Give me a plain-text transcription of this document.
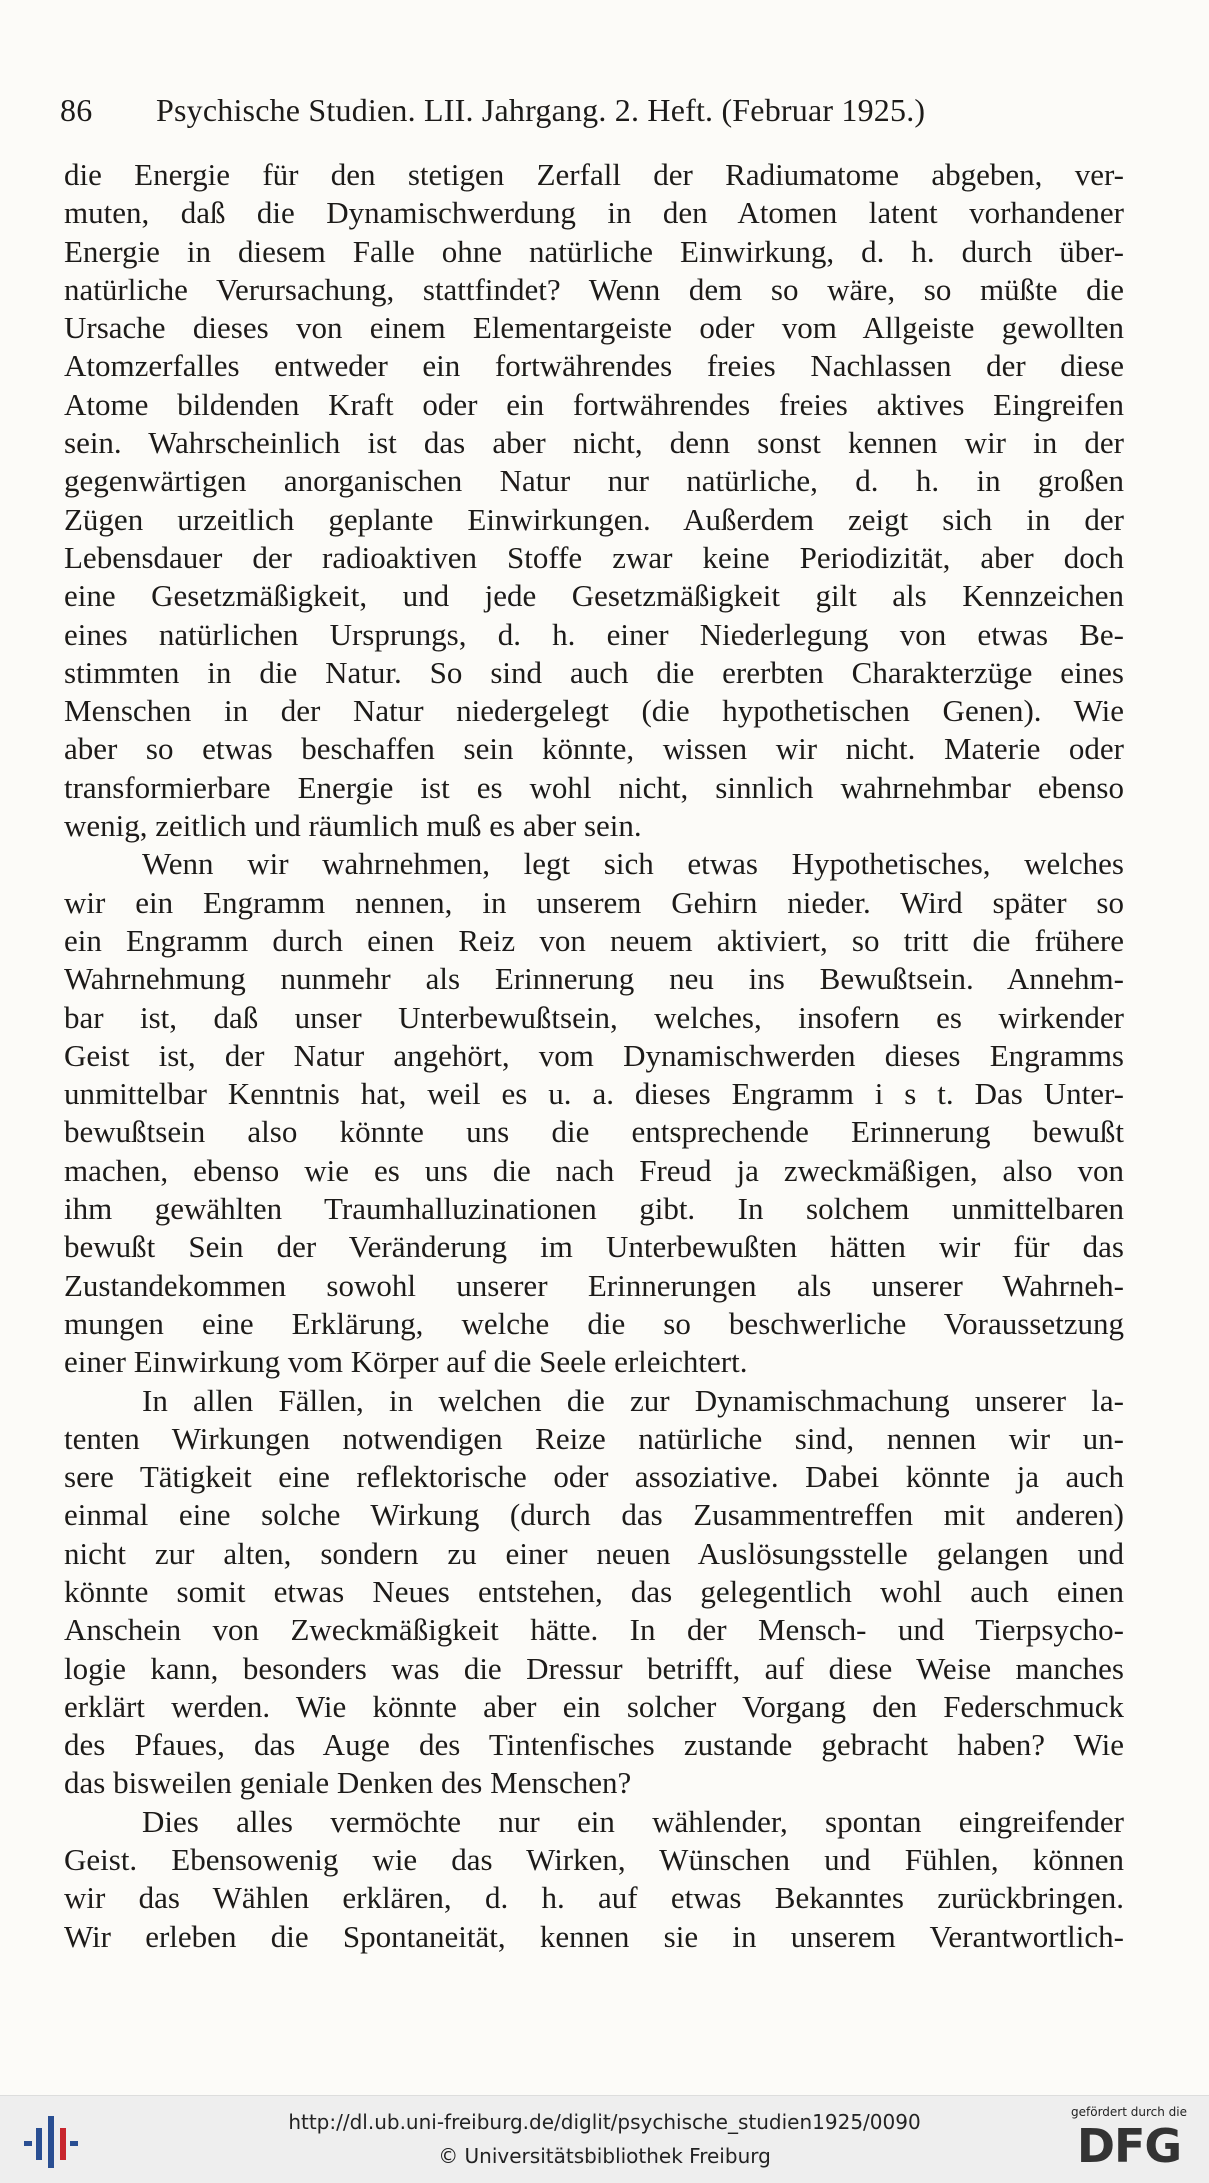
86 Psychische Studien. LII. Jahrgang. 2. Heft. (Februar 1925.)
die Energie für den stetigen Zerfall der Radiumatome abgeben, ver-
muten, daß die Dynamischwerdung in den Atomen latent vorhandener
Energie in diesem Falle ohne natürliche Einwirkung, d. h. durch über-
natürliche Verursachung, stattfindet? Wenn dem so wäre, so müßte die
Ursache dieses von einem Elementargeiste oder vom Allgeiste gewollten
Atomzerfalles entweder ein fortwährendes freies Nachlassen der diese
Atome bildenden Kraft oder ein fortwährendes freies aktives Eingreifen
sein. Wahrscheinlich ist das aber nicht, denn sonst kennen wir in der
gegenwärtigen anorganischen Natur nur natürliche, d. h. in großen
Zügen urzeitlich geplante Einwirkungen. Außerdem zeigt sich in der
Lebensdauer der radioaktiven Stoffe zwar keine Periodizität, aber doch
eine Gesetzmäßigkeit, und jede Gesetzmäßigkeit gilt als Kennzeichen
eines natürlichen Ursprungs, d. h. einer Niederlegung von etwas Be-
stimmten in die Natur. So sind auch die ererbten Charakterzüge eines
Menschen in der Natur niedergelegt (die hypothetischen Genen). Wie
aber so etwas beschaffen sein könnte, wissen wir nicht. Materie oder
transformierbare Energie ist es wohl nicht, sinnlich wahrnehmbar ebenso
wenig, zeitlich und räumlich muß es aber sein.
Wenn wir wahrnehmen, legt sich etwas Hypothetisches, welches
wir ein Engramm nennen, in unserem Gehirn nieder. Wird später so
ein Engramm durch einen Reiz von neuem aktiviert, so tritt die frühere
Wahrnehmung nunmehr als Erinnerung neu ins Bewußtsein. Annehm-
bar ist, daß unser Unterbewußtsein, welches, insofern es wirkender
Geist ist, der Natur angehört, vom Dynamischwerden dieses Engramms
unmittelbar Kenntnis hat, weil es u. a. dieses Engramm i s t. Das Unter-
bewußtsein also könnte uns die entsprechende Erinnerung bewußt
machen, ebenso wie es uns die nach Freud ja zweckmäßigen, also von
ihm gewählten Traumhalluzinationen gibt. In solchem unmittelbaren
bewußt Sein der Veränderung im Unterbewußten hätten wir für das
Zustandekommen sowohl unserer Erinnerungen als unserer Wahrneh-
mungen eine Erklärung, welche die so beschwerliche Voraussetzung
einer Einwirkung vom Körper auf die Seele erleichtert.
In allen Fällen, in welchen die zur Dynamischmachung unserer la-
tenten Wirkungen notwendigen Reize natürliche sind, nennen wir un-
sere Tätigkeit eine reflektorische oder assoziative. Dabei könnte ja auch
einmal eine solche Wirkung (durch das Zusammentreffen mit anderen)
nicht zur alten, sondern zu einer neuen Auslösungsstelle gelangen und
könnte somit etwas Neues entstehen, das gelegentlich wohl auch einen
Anschein von Zweckmäßigkeit hätte. In der Mensch- und Tierpsycho-
logie kann, besonders was die Dressur betrifft, auf diese Weise manches
erklärt werden. Wie könnte aber ein solcher Vorgang den Federschmuck
des Pfaues, das Auge des Tintenfisches zustande gebracht haben? Wie
das bisweilen geniale Denken des Menschen?
Dies alles vermöchte nur ein wählender, spontan eingreifender
Geist. Ebensowenig wie das Wirken, Wünschen und Fühlen, können
wir das Wählen erklären, d. h. auf etwas Bekanntes zurückbringen.
Wir erleben die Spontaneität, kennen sie in unserem Verantwortlich-
http://dl.ub.uni-freiburg.de/diglit/psychische_studien1925/0090
© Universitätsbibliothek Freiburg
gefördert durch die
DFG
